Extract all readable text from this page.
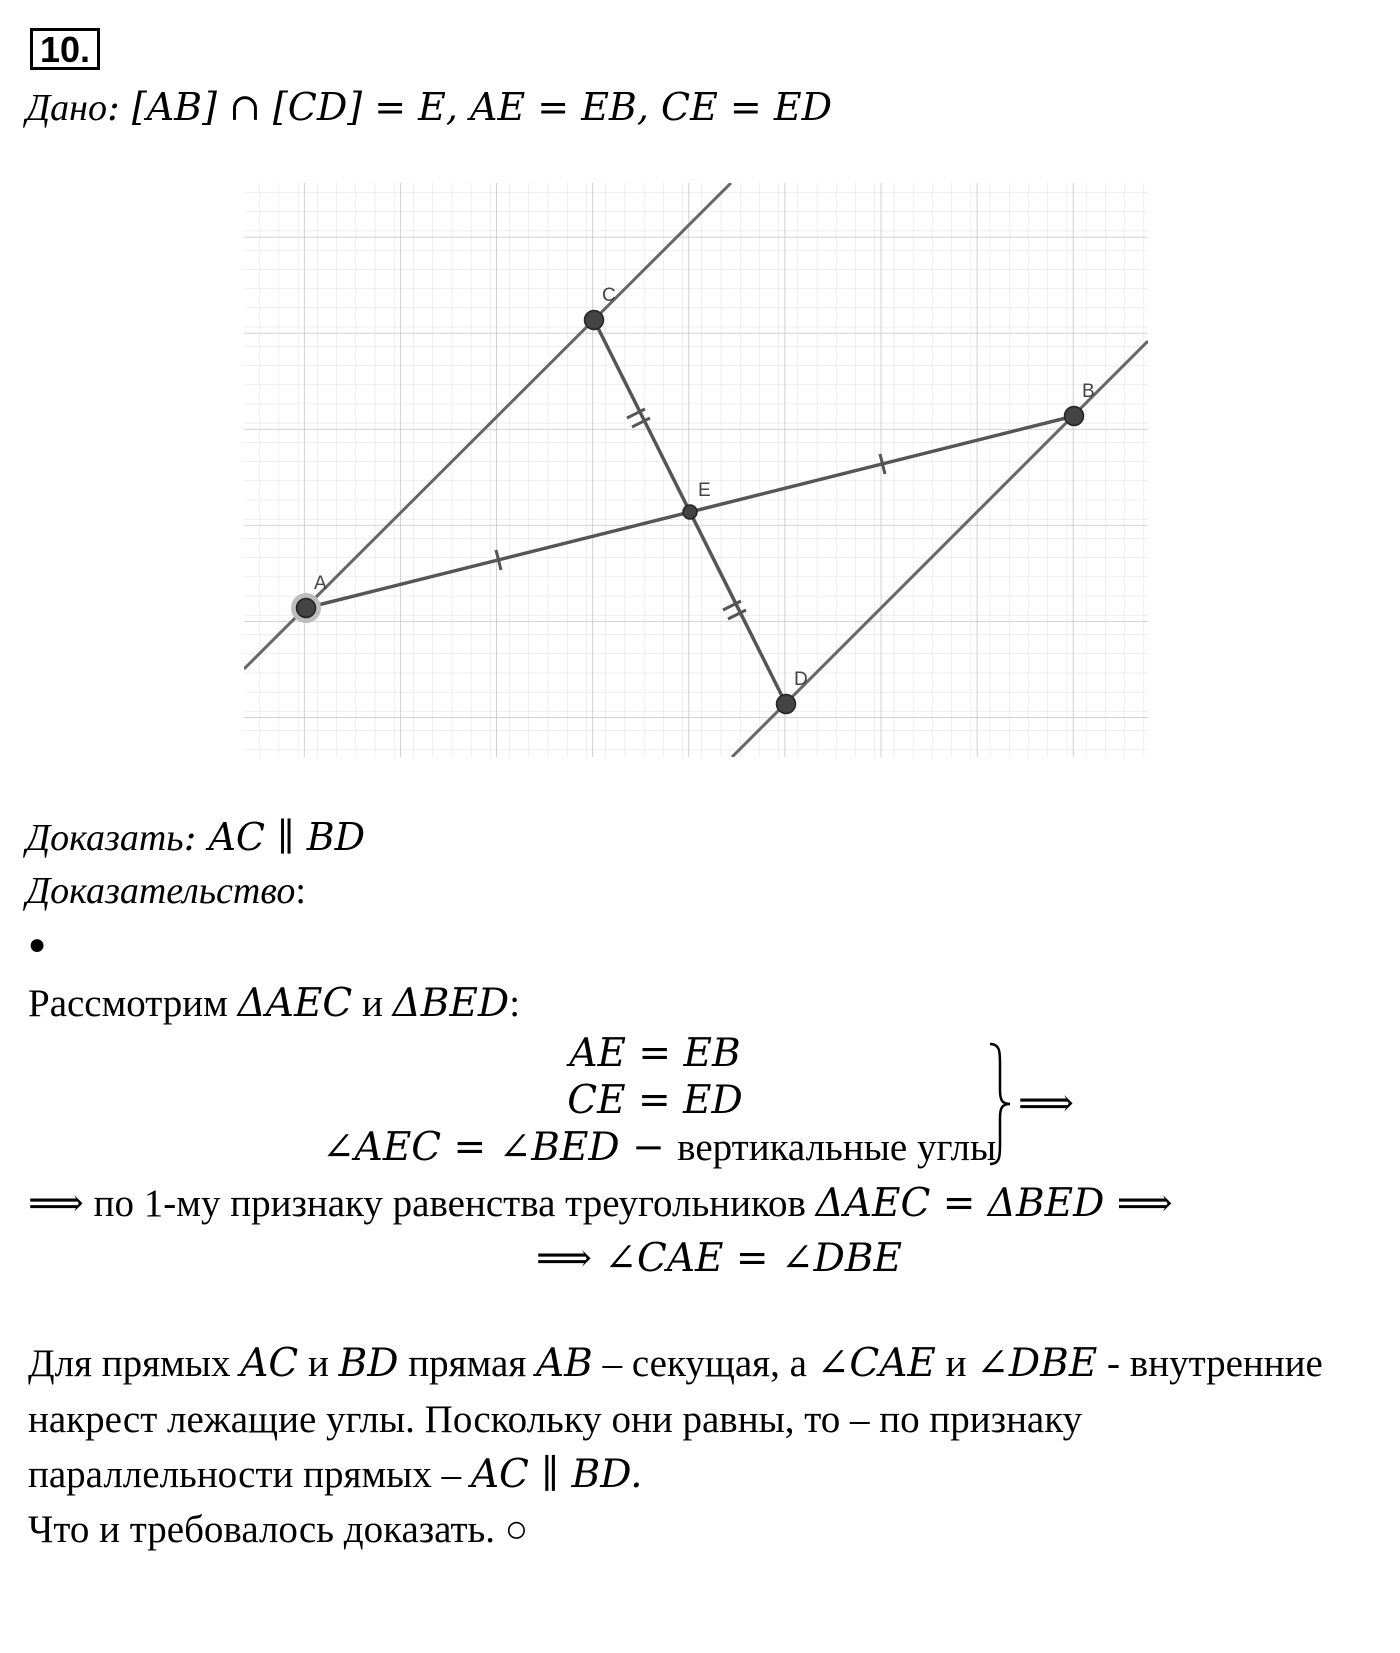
10.
Дано: [AB] ∩ [CD] = E, AE = EB, CE = ED
A
C
B
D
E
Доказать: AC ∥ BD
Доказательство:
●
Рассмотрим ΔAEC и ΔBED:
AE = EB
CE = ED
∠AEC = ∠BED − вертикальные углы
⟹
⟹ по 1-му признаку равенства треугольников ΔAEC = ΔBED ⟹
⟹ ∠CAE = ∠DBE
Для прямых AC и BD прямая AB – секущая, а ∠CAE и ∠DBE - внутренние
накрест лежащие углы. Поскольку они равны, то – по признаку
параллельности прямых – AC ∥ BD.
Что и требовалось доказать. ○
